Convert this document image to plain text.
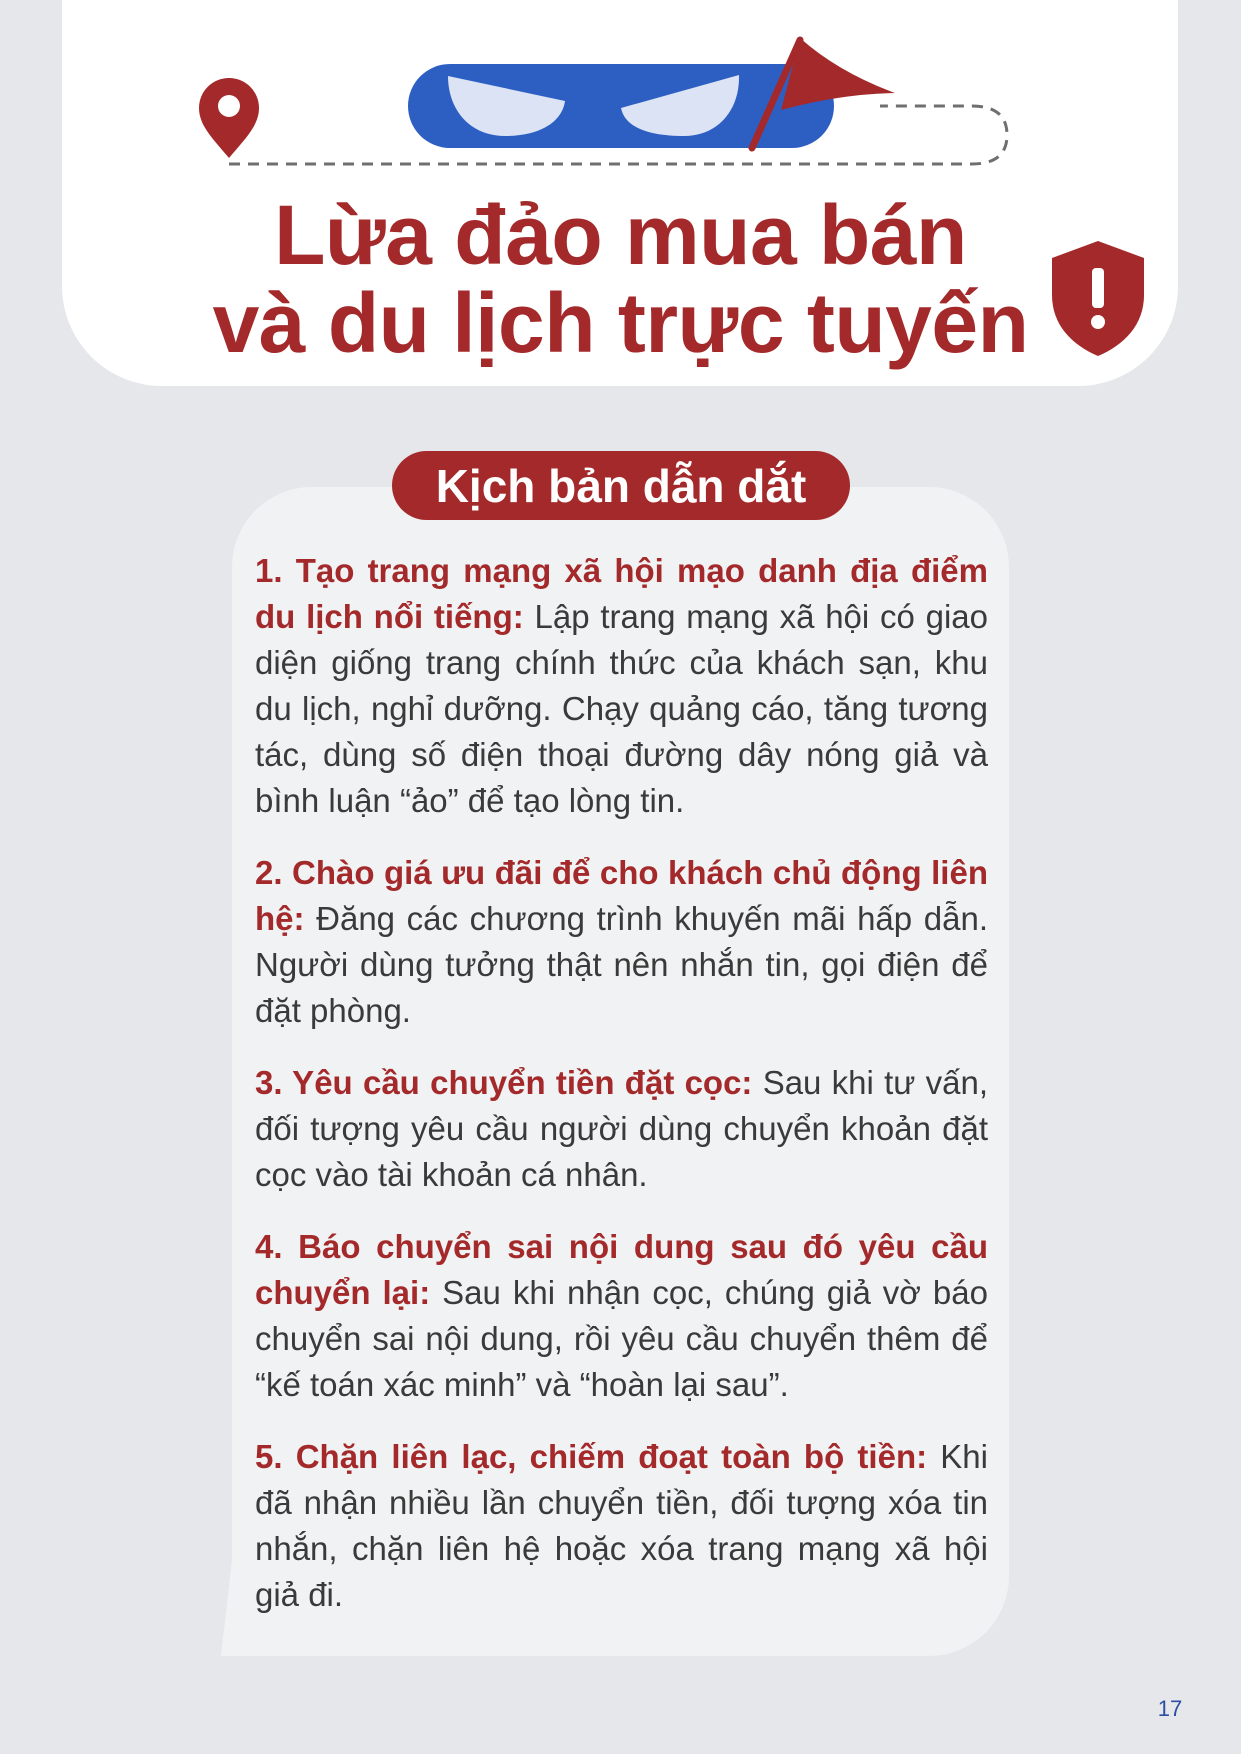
Lừa đảo mua bán
và du lịch trực tuyến
Kịch bản dẫn dắt

1. Tạo trang mạng xã hội mạo danh địa điểm du lịch nổi tiếng: Lập trang mạng xã hội có giao diện giống trang chính thức của khách sạn, khu du lịch, nghỉ dưỡng. Chạy quảng cáo, tăng tương tác, dùng số điện thoại đường dây nóng giả và bình luận “ảo” để tạo lòng tin.

2. Chào giá ưu đãi để cho khách chủ động liên hệ: Đăng các chương trình khuyến mãi hấp dẫn. Người dùng tưởng thật nên nhắn tin, gọi điện để đặt phòng.

3. Yêu cầu chuyển tiền đặt cọc: Sau khi tư vấn, đối tượng yêu cầu người dùng chuyển khoản đặt cọc vào tài khoản cá nhân.

4. Báo chuyển sai nội dung sau đó yêu cầu chuyển lại: Sau khi nhận cọc, chúng giả vờ báo chuyển sai nội dung, rồi yêu cầu chuyển thêm để “kế toán xác minh” và “hoàn lại sau”.

5. Chặn liên lạc, chiếm đoạt toàn bộ tiền: Khi đã nhận nhiều lần chuyển tiền, đối tượng xóa tin nhắn, chặn liên hệ hoặc xóa trang mạng xã hội giả đi.

17
